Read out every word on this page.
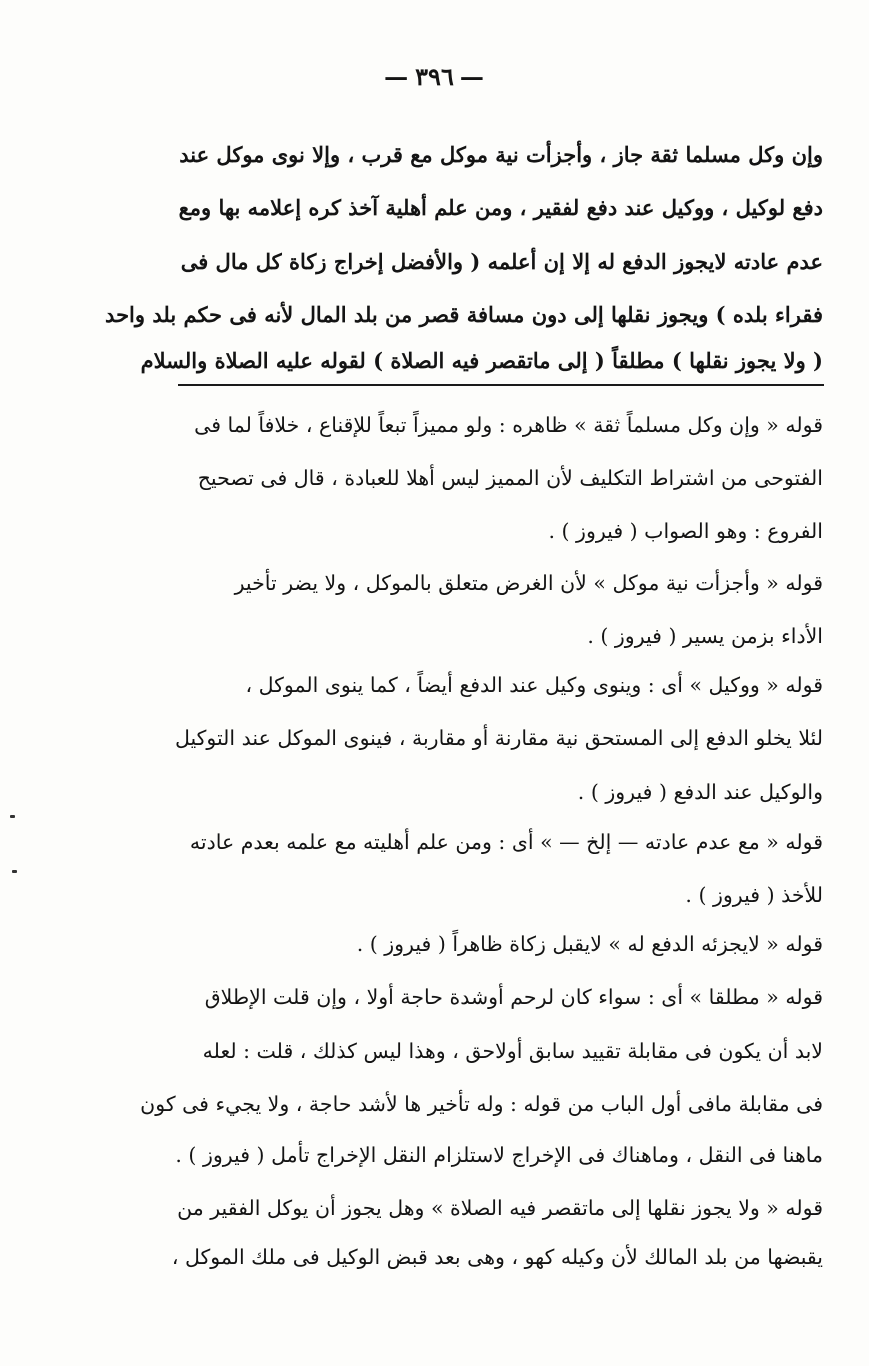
— ٣٩٦ —
وإن وكل مسلما ثقة جاز ، وأجزأت نية موكل مع قرب ، وإلا نوى موكل عند
دفع لوكيل ، ووكيل عند دفع لفقير ، ومن علم أهلية آخذ كره إعلامه بها ومع
عدم عادته لايجوز الدفع له إلا إن أعلمه ( والأفضل إخراج زكاة كل مال فى
فقراء بلده ) ويجوز نقلها إلى دون مسافة قصر من بلد المال لأنه فى حكم بلد واحد
( ولا يجوز نقلها ) مطلقاً ( إلى ماتقصر فيه الصلاة ) لقوله عليه الصلاة والسلام
قوله « وإن وكل مسلماً ثقة » ظاهره : ولو مميزاً تبعاً للإقناع ، خلافاً لما فى
الفتوحى من اشتراط التكليف لأن المميز ليس أهلا للعبادة ، قال فى تصحيح
الفروع : وهو الصواب ( فيروز ) .
قوله « وأجزأت نية موكل » لأن الغرض متعلق بالموكل ، ولا يضر تأخير
الأداء بزمن يسير ( فيروز ) .
قوله « ووكيل » أى : وينوى وكيل عند الدفع أيضاً ، كما ينوى الموكل ،
لئلا يخلو الدفع إلى المستحق نية مقارنة أو مقاربة ، فينوى الموكل عند التوكيل
والوكيل عند الدفع ( فيروز ) .
قوله « مع عدم عادته — إلخ — » أى : ومن علم أهليته مع علمه بعدم عادته
للأخذ ( فيروز ) .
قوله « لايجزئه الدفع له » لايقبل زكاة ظاهراً ( فيروز ) .
قوله « مطلقا » أى : سواء كان لرحم أوشدة حاجة أولا ، وإن قلت الإطلاق
لابد أن يكون فى مقابلة تقييد سابق أولاحق ، وهذا ليس كذلك ، قلت : لعله
فى مقابلة مافى أول الباب من قوله : وله تأخير ها لأشد حاجة ، ولا يجيء فى كون
ماهنا فى النقل ، وماهناك فى الإخراج لاستلزام النقل الإخراج تأمل ( فيروز ) .
قوله « ولا يجوز نقلها إلى ماتقصر فيه الصلاة » وهل يجوز أن يوكل الفقير من
يقبضها من بلد المالك لأن وكيله كهو ، وهى بعد قبض الوكيل فى ملك الموكل ،
